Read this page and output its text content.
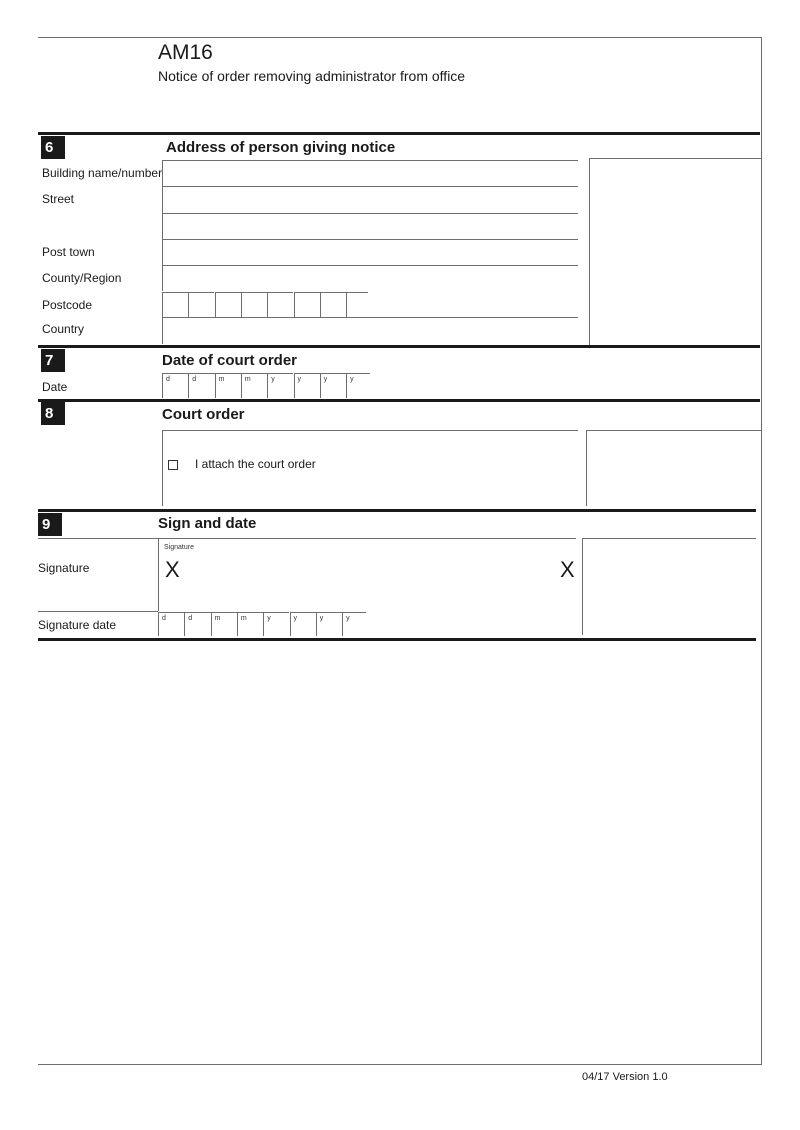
AM16
Notice of order removing administrator from office
6	Address of person giving notice
Building name/number
Street
Post town
County/Region
Postcode
Country
7	Date of court order
Date
d	d	m	m	y	y	y	y
8	Court order
I attach the court order
9	Sign and date
Signature
X	X
Signature
Signature date	d	d	m	m	y	y	y	y
04/17 Version 1.0
